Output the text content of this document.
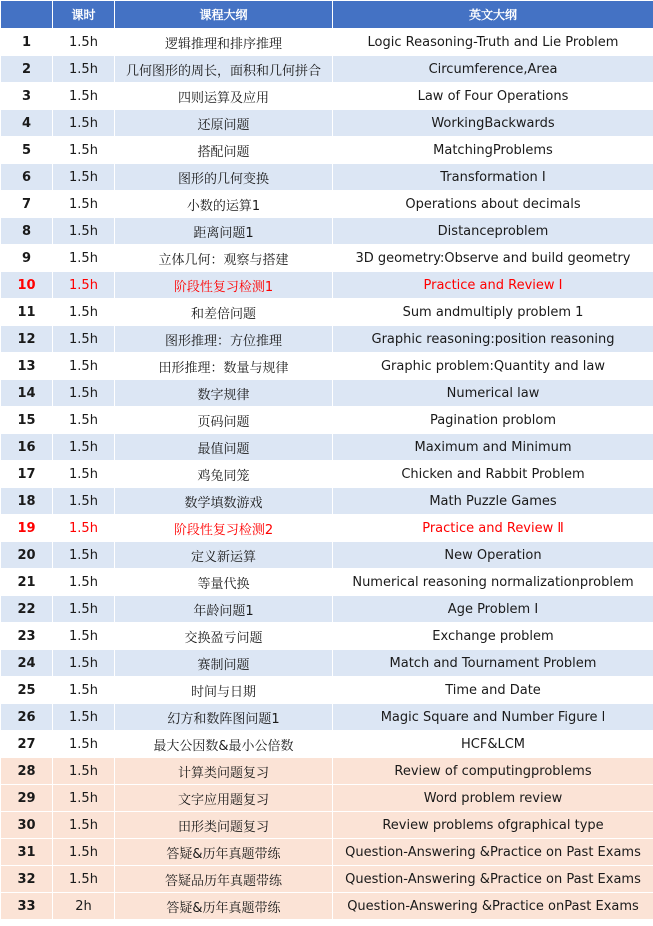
	课时	课程大纲	英文大纲
1	1.5h	逻辑推理和排序推理	Logic Reasoning-Truth and Lie Problem
2	1.5h	几何图形的周长，面积和几何拼合	Circumference,Area
3	1.5h	四则运算及应用	Law of Four Operations
4	1.5h	还原问题	WorkingBackwards
5	1.5h	搭配问题	MatchingProblems
6	1.5h	图形的几何变换	Transformation I
7	1.5h	小数的运算1	Operations about decimals
8	1.5h	距离问题1	Distanceproblem
9	1.5h	立体几何：观察与搭建	3D geometry:Observe and build geometry
10	1.5h	阶段性复习检测1	Practice and Review I
11	1.5h	和差倍问题	Sum andmultiply problem 1
12	1.5h	图形推理：方位推理	Graphic reasoning:position reasoning
13	1.5h	田形推理：数量与规律	Graphic problem:Quantity and law
14	1.5h	数字规律	Numerical law
15	1.5h	页码问题	Pagination problom
16	1.5h	最值问题	Maximum and Minimum
17	1.5h	鸡兔同笼	Chicken and Rabbit Problem
18	1.5h	数学填数游戏	Math Puzzle Games
19	1.5h	阶段性复习检测2	Practice and Review Ⅱ
20	1.5h	定义新运算	New Operation
21	1.5h	等量代换	Numerical reasoning normalizationproblem
22	1.5h	年龄问题1	Age Problem I
23	1.5h	交换盈亏问题	Exchange problem
24	1.5h	赛制问题	Match and Tournament Problem
25	1.5h	时间与日期	Time and Date
26	1.5h	幻方和数阵图问题1	Magic Square and Number Figure l
27	1.5h	最大公因数&最小公倍数	HCF&LCM
28	1.5h	计算类问题复习	Review of computingproblems
29	1.5h	文字应用题复习	Word problem review
30	1.5h	田形类问题复习	Review problems ofgraphical type
31	1.5h	答疑&历年真题带练	Question-Answering &Practice on Past Exams
32	1.5h	答疑品历年真题带练	Question-Answering &Practice on Past Exams
33	2h	答疑&历年真题带练	Question-Answering &Practice onPast Exams
